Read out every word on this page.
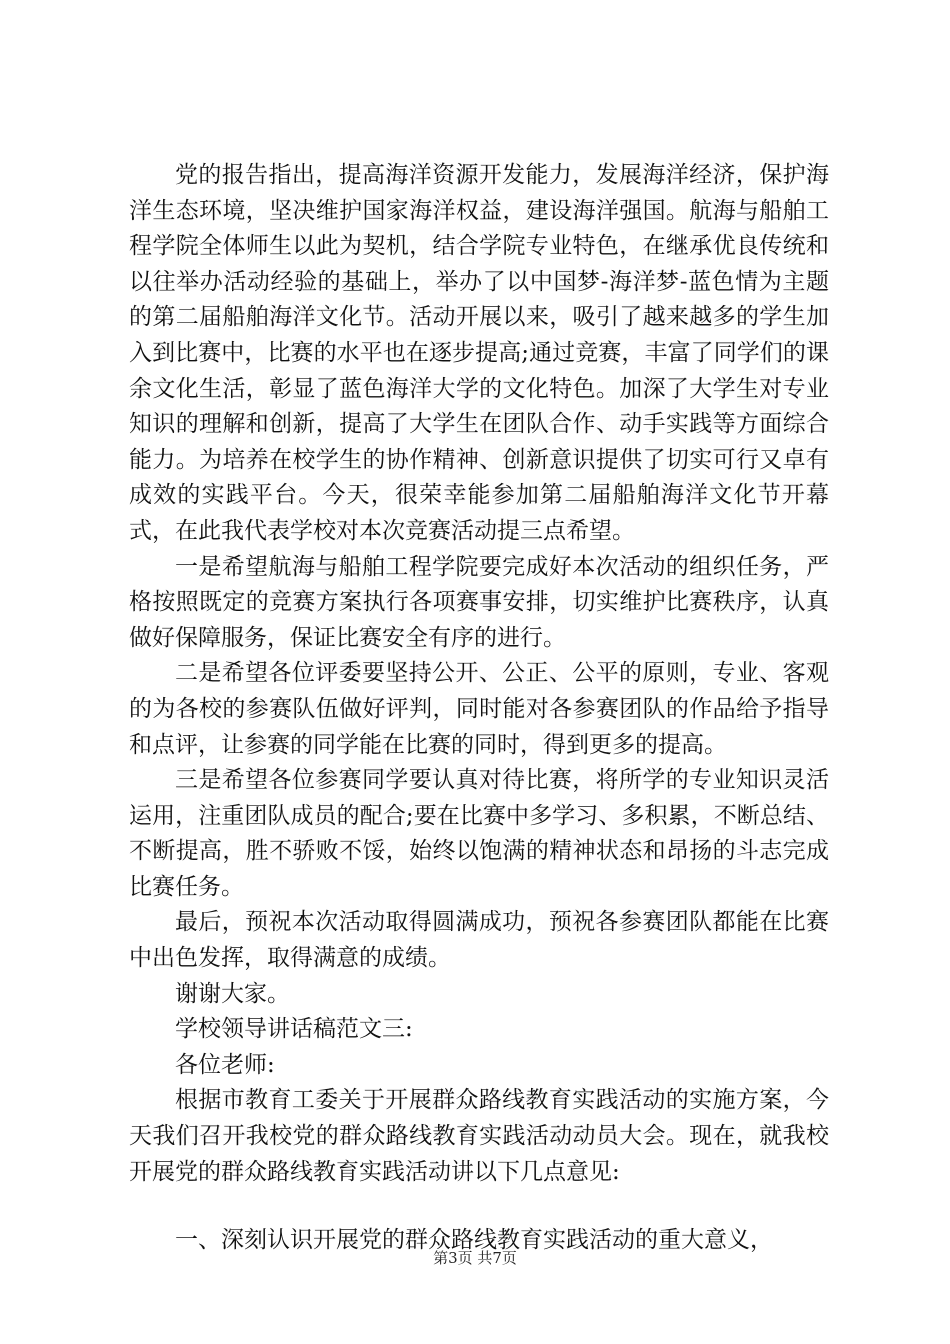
党的报告指出，提高海洋资源开发能力，发展海洋经济，保护海洋生态环境，坚决维护国家海洋权益，建设海洋强国。航海与船舶工程学院全体师生以此为契机，结合学院专业特色，在继承优良传统和以往举办活动经验的基础上，举办了以中国梦-海洋梦-蓝色情为主题的第二届船舶海洋文化节。活动开展以来，吸引了越来越多的学生加入到比赛中，比赛的水平也在逐步提高;通过竞赛，丰富了同学们的课余文化生活，彰显了蓝色海洋大学的文化特色。加深了大学生对专业知识的理解和创新，提高了大学生在团队合作、动手实践等方面综合能力。为培养在校学生的协作精神、创新意识提供了切实可行又卓有成效的实践平台。今天，很荣幸能参加第二届船舶海洋文化节开幕式，在此我代表学校对本次竞赛活动提三点希望。

一是希望航海与船舶工程学院要完成好本次活动的组织任务，严格按照既定的竞赛方案执行各项赛事安排，切实维护比赛秩序，认真做好保障服务，保证比赛安全有序的进行。

二是希望各位评委要坚持公开、公正、公平的原则，专业、客观的为各校的参赛队伍做好评判，同时能对各参赛团队的作品给予指导和点评，让参赛的同学能在比赛的同时，得到更多的提高。

三是希望各位参赛同学要认真对待比赛，将所学的专业知识灵活运用，注重团队成员的配合;要在比赛中多学习、多积累，不断总结、不断提高，胜不骄败不馁，始终以饱满的精神状态和昂扬的斗志完成比赛任务。

最后，预祝本次活动取得圆满成功，预祝各参赛团队都能在比赛中出色发挥，取得满意的成绩。

谢谢大家。

学校领导讲话稿范文三:

各位老师:

根据市教育工委关于开展群众路线教育实践活动的实施方案，今天我们召开我校党的群众路线教育实践活动动员大会。现在，就我校开展党的群众路线教育实践活动讲以下几点意见:

一、深刻认识开展党的群众路线教育实践活动的重大意义，

第3页 共7页
